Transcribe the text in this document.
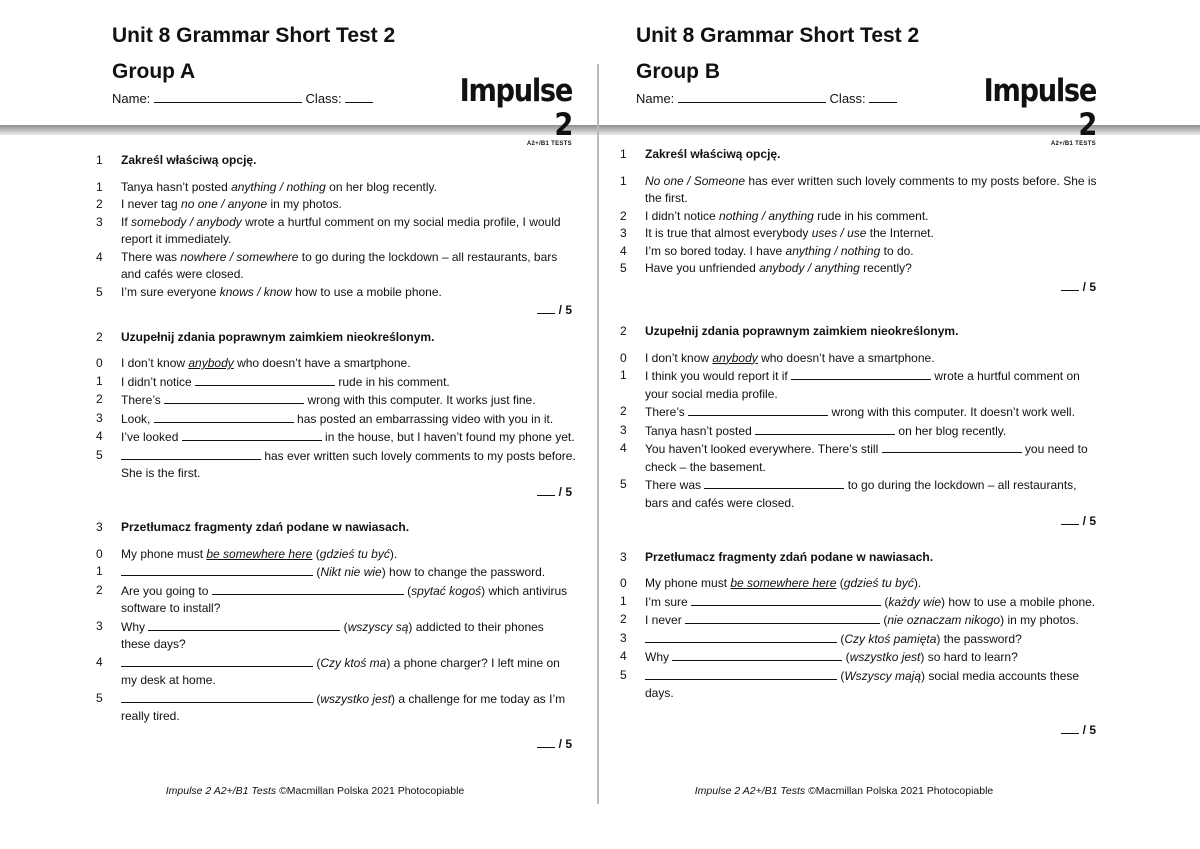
Unit 8 Grammar Short Test 2
Group A
Name:	Class:	Impulse 2
A2+/B1 TESTS
1	Zakreśl właściwą opcję.
1	Tanya hasn’t posted anything / nothing on her blog recently.
2	I never tag no one / anyone in my photos.
3	If somebody / anybody wrote a hurtful comment on my social media profile, I would report it immediately.
4	There was nowhere / somewhere to go during the lockdown – all restaurants, bars and cafés were closed.
5	I’m sure everyone knows / know how to use a mobile phone.
/ 5
2	Uzupełnij zdania poprawnym zaimkiem nieokreślonym.
0	I don’t know anybody who doesn’t have a smartphone.
1	I didn’t notice	rude in his comment.
2	There’s	wrong with this computer. It works just fine.
3	Look,	has posted an embarrassing video with you in it.
4	I’ve looked	in the house, but I haven’t found my phone yet.
5	has ever written such lovely comments to my posts before. She is the first.
/ 5
3	Przetłumacz fragmenty zdań podane w nawiasach.
0	My phone must be somewhere here (gdzieś tu być).
1	(Nikt nie wie) how to change the password.
2	Are you going to	(spytać kogoś) which antivirus software to install?
3	Why	(wszyscy są) addicted to their phones these days?
4	(Czy ktoś ma) a phone charger? I left mine on my desk at home.
5	(wszystko jest) a challenge for me today as I’m really tired.
/ 5
Impulse 2 A2+/B1 Tests ©Macmillan Polska 2021 Photocopiable
Unit 8 Grammar Short Test 2
Group B
Name:	Class:	Impulse 2
A2+/B1 TESTS
1	Zakreśl właściwą opcję.
1	No one / Someone has ever written such lovely comments to my posts before. She is the first.
2	I didn’t notice nothing / anything rude in his comment.
3	It is true that almost everybody uses / use the Internet.
4	I’m so bored today. I have anything / nothing to do.
5	Have you unfriended anybody / anything recently?
/ 5
2	Uzupełnij zdania poprawnym zaimkiem nieokreślonym.
0	I don’t know anybody who doesn’t have a smartphone.
1	I think you would report it if	wrote a hurtful comment on your social media profile.
2	There’s	wrong with this computer. It doesn’t work well.
3	Tanya hasn’t posted	on her blog recently.
4	You haven’t looked everywhere. There’s still	you need to check – the basement.
5	There was	to go during the lockdown – all restaurants, bars and cafés were closed.
/ 5
3	Przetłumacz fragmenty zdań podane w nawiasach.
0	My phone must be somewhere here (gdzieś tu być).
1	I’m sure	(każdy wie) how to use a mobile phone.
2	I never	(nie oznaczam nikogo) in my photos.
3	(Czy ktoś pamięta) the password?
4	Why	(wszystko jest) so hard to learn?
5	(Wszyscy mają) social media accounts these days.
/ 5
Impulse 2 A2+/B1 Tests ©Macmillan Polska 2021 Photocopiable
